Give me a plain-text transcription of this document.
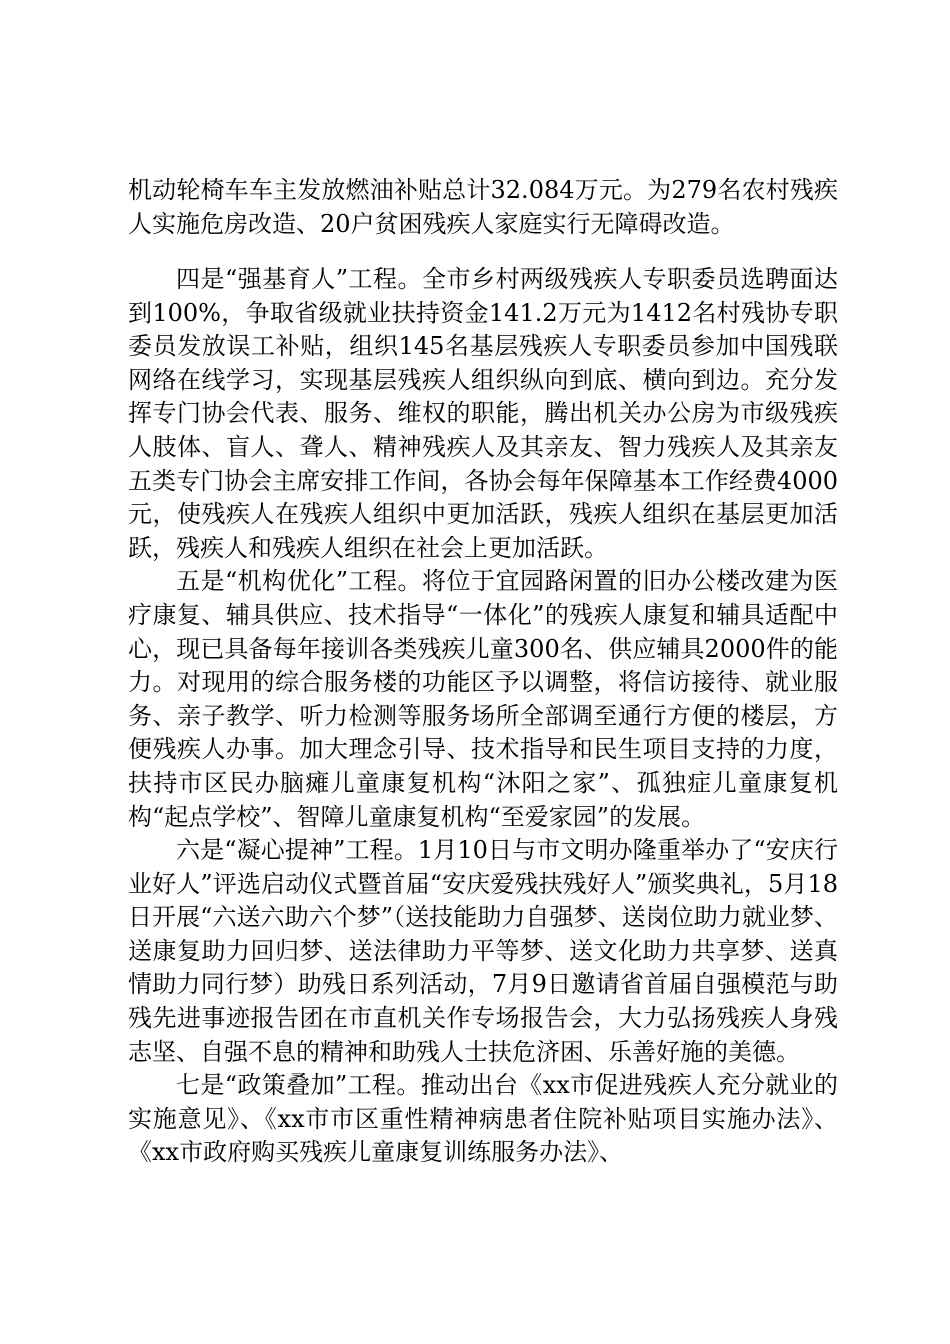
机动轮椅车车主发放燃油补贴总计32.084万元。为279名农村残疾人实施危房改造、20户贫困残疾人家庭实行无障碍改造。

四是“强基育人”工程。全市乡村两级残疾人专职委员选聘面达到100%，争取省级就业扶持资金141.2万元为1412名村残协专职委员发放误工补贴，组织145名基层残疾人专职委员参加中国残联网络在线学习，实现基层残疾人组织纵向到底、横向到边。充分发挥专门协会代表、服务、维权的职能，腾出机关办公房为市级残疾人肢体、盲人、聋人、精神残疾人及其亲友、智力残疾人及其亲友五类专门协会主席安排工作间，各协会每年保障基本工作经费4000元，使残疾人在残疾人组织中更加活跃，残疾人组织在基层更加活跃，残疾人和残疾人组织在社会上更加活跃。

五是“机构优化”工程。将位于宜园路闲置的旧办公楼改建为医疗康复、辅具供应、技术指导“一体化”的残疾人康复和辅具适配中心，现已具备每年接训各类残疾儿童300名、供应辅具2000件的能力。对现用的综合服务楼的功能区予以调整，将信访接待、就业服务、亲子教学、听力检测等服务场所全部调至通行方便的楼层，方便残疾人办事。加大理念引导、技术指导和民生项目支持的力度，扶持市区民办脑瘫儿童康复机构“沐阳之家”、孤独症儿童康复机构“起点学校”、智障儿童康复机构“至爱家园”的发展。

六是“凝心提神”工程。1月10日与市文明办隆重举办了“安庆行业好人”评选启动仪式暨首届“安庆爱残扶残好人”颁奖典礼，5月18日开展“六送六助六个梦”（送技能助力自强梦、送岗位助力就业梦、送康复助力回归梦、送法律助力平等梦、送文化助力共享梦、送真情助力同行梦）助残日系列活动，7月9日邀请省首届自强模范与助残先进事迹报告团在市直机关作专场报告会，大力弘扬残疾人身残志坚、自强不息的精神和助残人士扶危济困、乐善好施的美德。

七是“政策叠加”工程。推动出台《xx市促进残疾人充分就业的实施意见》、《xx市市区重性精神病患者住院补贴项目实施办法》、《xx市政府购买残疾儿童康复训练服务办法》、
